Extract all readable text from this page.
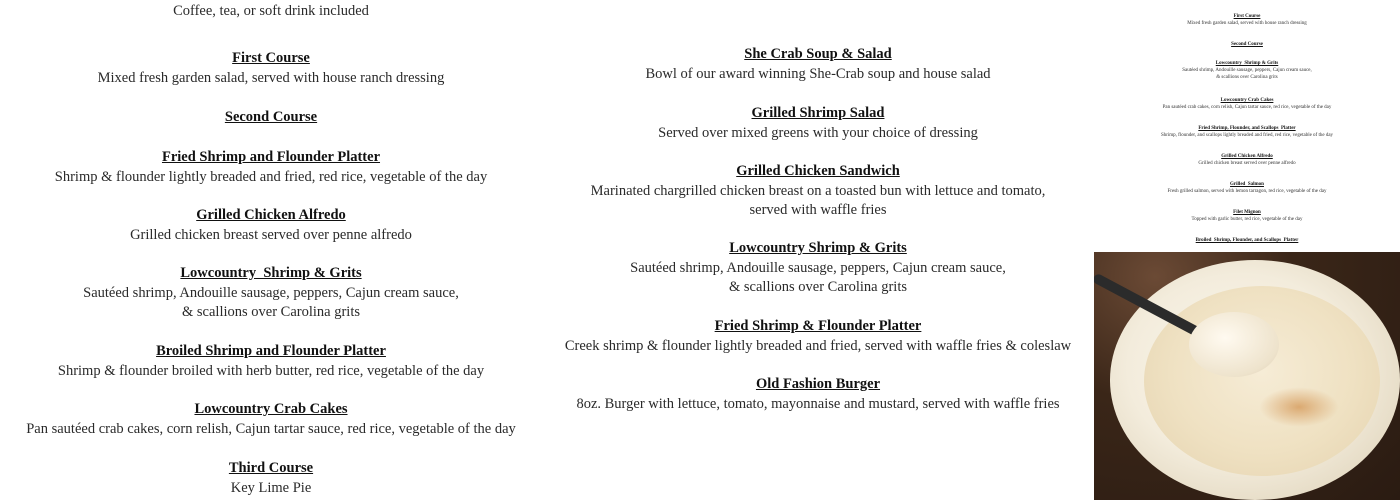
Coffee, tea, or soft drink included
First Course
Mixed fresh garden salad, served with house ranch dressing
Second Course
Fried Shrimp and Flounder Platter
Shrimp & flounder lightly breaded and fried, red rice, vegetable of the day
Grilled Chicken Alfredo
Grilled chicken breast served over penne alfredo
Lowcountry  Shrimp & Grits
Sautéed shrimp, Andouille sausage, peppers, Cajun cream sauce,
& scallions over Carolina grits
Broiled Shrimp and Flounder Platter
Shrimp & flounder broiled with herb butter, red rice, vegetable of the day
Lowcountry Crab Cakes
Pan sautéed crab cakes, corn relish, Cajun tartar sauce, red rice, vegetable of the day
Third Course
Key Lime Pie
She Crab Soup & Salad
Bowl of our award winning She-Crab soup and house salad
Grilled Shrimp Salad
Served over mixed greens with your choice of dressing
Grilled Chicken Sandwich
Marinated chargrilled chicken breast on a toasted bun with lettuce and tomato,
served with waffle fries
Lowcountry Shrimp & Grits
Sautéed shrimp, Andouille sausage, peppers, Cajun cream sauce,
& scallions over Carolina grits
Fried Shrimp & Flounder Platter
Creek shrimp & flounder lightly breaded and fried, served with waffle fries & coleslaw
Old Fashion Burger
8oz. Burger with lettuce, tomato, mayonnaise and mustard, served with waffle fries
First Course
Mixed fresh garden salad, served with house ranch dressing
Second Course
Lowcountry  Shrimp & Grits
Sautéed shrimp, Andouille sausage, peppers, Cajun cream sauce,
& scallions over Carolina grits
Lowcountry Crab Cakes
Pan sautéed crab cakes, corn relish, Cajun tartar sauce, red rice, vegetable of the day
Fried Shrimp, Flounder, and Scallops  Platter
Shrimp, flounder, and scallops lightly breaded and fried, red rice, vegetable of the day
Grilled Chicken Alfredo
Grilled chicken breast served over penne alfredo
Grilled  Salmon
Fresh grilled salmon, served with lemon tarragon, red rice, vegetable of the day
Filet Mignon
Topped with garlic butter, red rice, vegetable of the day
Broiled  Shrimp, Flounder, and Scallops  Platter
